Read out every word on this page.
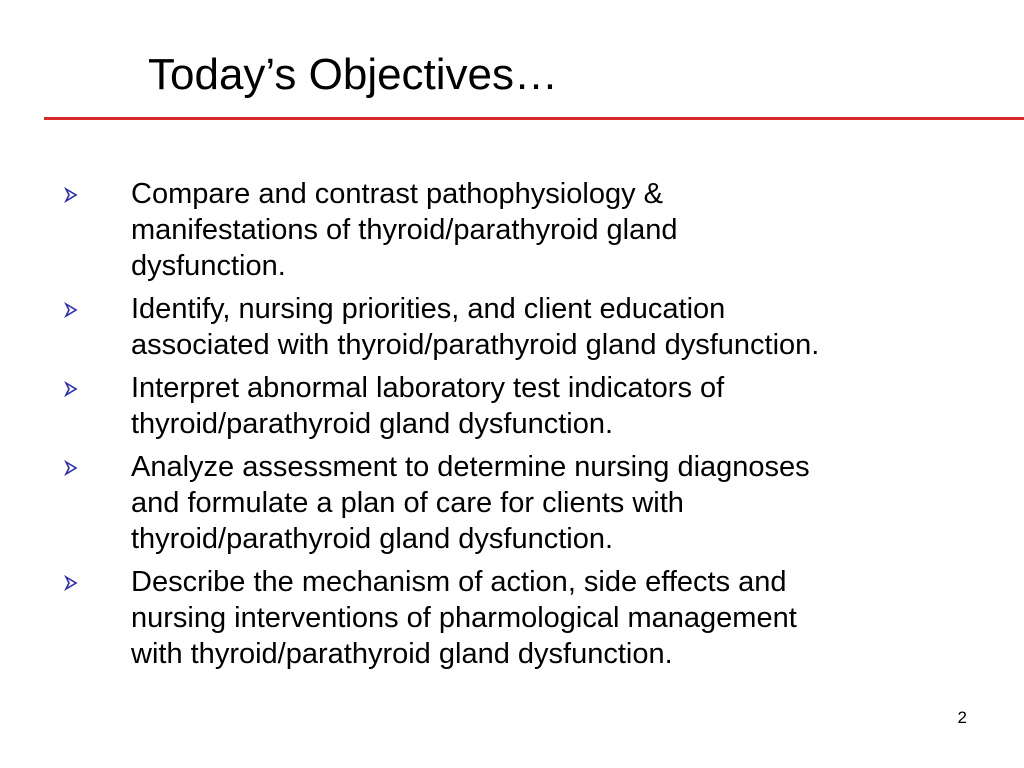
Today’s Objectives…
Compare and contrast pathophysiology &
manifestations of thyroid/parathyroid gland
dysfunction.
Identify, nursing priorities, and client education
associated with thyroid/parathyroid gland dysfunction.
Interpret abnormal laboratory test indicators of
thyroid/parathyroid gland dysfunction.
Analyze assessment to determine nursing diagnoses
and formulate a plan of care for clients with
thyroid/parathyroid gland dysfunction.
Describe the mechanism of action, side effects and
nursing interventions of pharmological management
with thyroid/parathyroid gland dysfunction.
2
